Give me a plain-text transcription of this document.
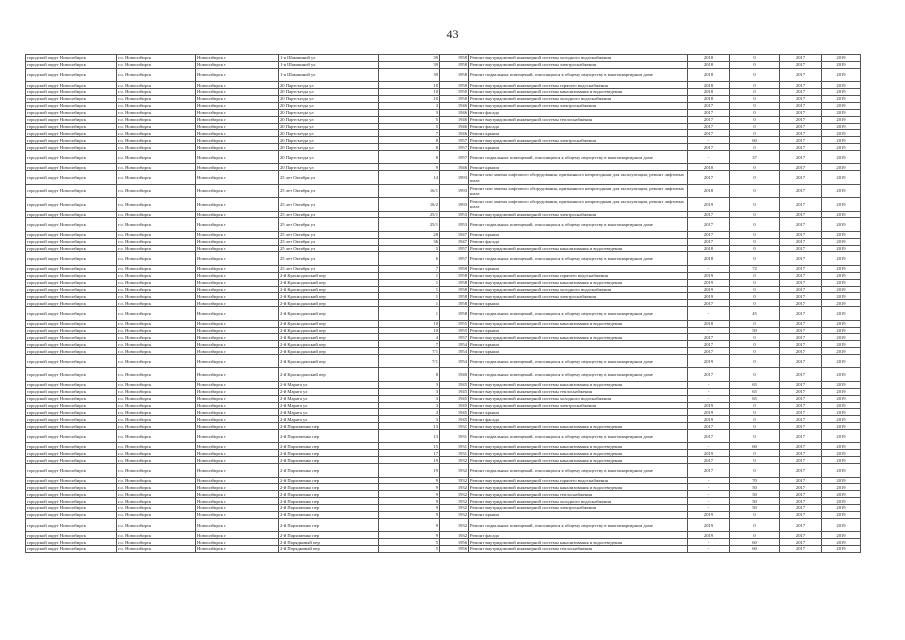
43
городской округ Новосибирск	г.о. Новосибирск	Новосибирск г	1-я Шамшиной ул	39	1958	Ремонт внутридомовой инженерной системы холодного водоснабжения	2018	0	2017	2019
городской округ Новосибирск	г.о. Новосибирск	Новосибирск г	1-я Шамшиной ул	39	1958	Ремонт внутридомовой инженерной системы электроснабжения	2018	0	2017	2019
городской округ Новосибирск	г.о. Новосибирск	Новосибирск г	1-я Шамшиной ул	39	1958	Ремонт подвальных помещений, относящихся к общему имуществу в многоквартирном доме	2018	0	2017	2019
городской округ Новосибирск	г.о. Новосибирск	Новосибирск г	20 Партсъезда ул	10	1950	Ремонт внутридомовой инженерной системы горячего водоснабжения	2018	0	2017	2019
городской округ Новосибирск	г.о. Новосибирск	Новосибирск г	20 Партсъезда ул	10	1950	Ремонт внутридомовой инженерной системы канализования и водоотведения	2018	0	2017	2019
городской округ Новосибирск	г.о. Новосибирск	Новосибирск г	20 Партсъезда ул	10	1950	Ремонт внутридомовой инженерной системы холодного водоснабжения	2018	0	2017	2019
городской округ Новосибирск	г.о. Новосибирск	Новосибирск г	20 Партсъезда ул	3	1946	Ремонт внутридомовой инженерной системы электроснабжения	2017	0	2017	2019
городской округ Новосибирск	г.о. Новосибирск	Новосибирск г	20 Партсъезда ул	3	1946	Ремонт фасада	2017	0	2017	2019
городской округ Новосибирск	г.о. Новосибирск	Новосибирск г	20 Партсъезда ул	5	1946	Ремонт внутридомовой инженерной системы теплоснабжения	2017	0	2017	2019
городской округ Новосибирск	г.о. Новосибирск	Новосибирск г	20 Партсъезда ул	5	1946	Ремонт фасада	2017	0	2017	2019
городской округ Новосибирск	г.о. Новосибирск	Новосибирск г	20 Партсъезда ул	7	1946	Ремонт крыши	2017	0	2017	2019
городской округ Новосибирск	г.о. Новосибирск	Новосибирск г	20 Партсъезда ул	8	1957	Ремонт внутридомовой инженерной системы электроснабжения	-	60	2017	2019
городской округ Новосибирск	г.о. Новосибирск	Новосибирск г	20 Партсъезда ул	8	1957	Ремонт крыши	2017	0	2017	2019
городской округ Новосибирск	г.о. Новосибирск	Новосибирск г	20 Партсъезда ул	8	1957	Ремонт подвальных помещений, относящихся к общему имуществу в многоквартирном доме	-	37	2017	2019
городской округ Новосибирск	г.о. Новосибирск	Новосибирск г	20 Партсъезда ул	9	1946	Ремонт крыши	2018	0	2017	2019
городской округ Новосибирск	г.о. Новосибирск	Новосибирск г	25 лет Октября ул	14	1993	Ремонт или замена лифтового оборудования, признанного непригодным для эксплуатации, ремонт лифтовых шахт	2017	0	2017	2019
городской округ Новосибирск	г.о. Новосибирск	Новосибирск г	25 лет Октября ул	16/1	1993	Ремонт или замена лифтового оборудования, признанного непригодным для эксплуатации, ремонт лифтовых шахт	2018	0	2017	2019
городской округ Новосибирск	г.о. Новосибирск	Новосибирск г	25 лет Октября ул	16/2	1993	Ремонт или замена лифтового оборудования, признанного непригодным для эксплуатации, ремонт лифтовых шахт	2019	0	2017	2019
городской округ Новосибирск	г.о. Новосибирск	Новосибирск г	25 лет Октября ул	25/1	1953	Ремонт внутридомовой инженерной системы электроснабжения	2017	0	2017	2019
городской округ Новосибирск	г.о. Новосибирск	Новосибирск г	25 лет Октября ул	25/1	1953	Ремонт подвальных помещений, относящихся к общему имуществу в многоквартирном доме	2017	0	2017	2019
городской округ Новосибирск	г.о. Новосибирск	Новосибирск г	25 лет Октября ул	28	1947	Ремонт крыши	2017	0	2017	2019
городской округ Новосибирск	г.о. Новосибирск	Новосибирск г	25 лет Октября ул	36	1947	Ремонт фасада	2017	0	2017	2019
городской округ Новосибирск	г.о. Новосибирск	Новосибирск г	25 лет Октября ул	5	1957	Ремонт внутридомовой инженерной системы канализования и водоотведения	2018	0	2017	2019
городской округ Новосибирск	г.о. Новосибирск	Новосибирск г	25 лет Октября ул	6	1957	Ремонт подвальных помещений, относящихся к общему имуществу в многоквартирном доме	2018	0	2017	2019
городской округ Новосибирск	г.о. Новосибирск	Новосибирск г	25 лет Октября ул	7	1959	Ремонт крыши	-	72	2017	2019
городской округ Новосибирск	г.о. Новосибирск	Новосибирск г	2-й Краснодонский пер	1	1958	Ремонт внутридомовой инженерной системы горячего водоснабжения	2019	0	2017	2019
городской округ Новосибирск	г.о. Новосибирск	Новосибирск г	2-й Краснодонский пер	1	1958	Ремонт внутридомовой инженерной системы канализования и водоотведения	2019	0	2017	2019
городской округ Новосибирск	г.о. Новосибирск	Новосибирск г	2-й Краснодонский пер	1	1958	Ремонт внутридомовой инженерной системы холодного водоснабжения	2019	0	2017	2019
городской округ Новосибирск	г.о. Новосибирск	Новосибирск г	2-й Краснодонский пер	1	1958	Ремонт внутридомовой инженерной системы электроснабжения	2019	0	2017	2019
городской округ Новосибирск	г.о. Новосибирск	Новосибирск г	2-й Краснодонский пер	1	1958	Ремонт крыши	2017	0	2017	2019
городской округ Новосибирск	г.о. Новосибирск	Новосибирск г	2-й Краснодонский пер	1	1958	Ремонт подвальных помещений, относящихся к общему имуществу в многоквартирном доме	-	45	2017	2019
городской округ Новосибирск	г.о. Новосибирск	Новосибирск г	2-й Краснодонский пер	10	1955	Ремонт внутридомовой инженерной системы канализования и водоотведения	2018	0	2017	2019
городской округ Новосибирск	г.о. Новосибирск	Новосибирск г	2-й Краснодонский пер	10	1955	Ремонт крыши	-	50	2017	2019
городской округ Новосибирск	г.о. Новосибирск	Новосибирск г	2-й Краснодонский пер	4	1957	Ремонт внутридомовой инженерной системы канализования и водоотведения	2017	0	2017	2019
городской округ Новосибирск	г.о. Новосибирск	Новосибирск г	2-й Краснодонский пер	7	1954	Ремонт крыши	2017	0	2017	2019
городской округ Новосибирск	г.о. Новосибирск	Новосибирск г	2-й Краснодонский пер	7/1	1954	Ремонт крыши	2017	0	2017	2019
городской округ Новосибирск	г.о. Новосибирск	Новосибирск г	2-й Краснодонский пер	7/1	1954	Ремонт подвальных помещений, относящихся к общему имуществу в многоквартирном доме	2019	0	2017	2019
городской округ Новосибирск	г.о. Новосибирск	Новосибирск г	2-й Краснодонский пер	8	1940	Ремонт подвальных помещений, относящихся к общему имуществу в многоквартирном доме	2017	0	2017	2019
городской округ Новосибирск	г.о. Новосибирск	Новосибирск г	2-й Марата ул	3	1945	Ремонт внутридомовой инженерной системы канализования и водоотведения	-	65	2017	2019
городской округ Новосибирск	г.о. Новосибирск	Новосибирск г	2-й Марата ул	3	1945	Ремонт внутридомовой инженерной системы теплоснабжения	-	65	2017	2019
городской округ Новосибирск	г.о. Новосибирск	Новосибирск г	2-й Марата ул	3	1945	Ремонт внутридомовой инженерной системы холодного водоснабжения	-	65	2017	2019
городской округ Новосибирск	г.о. Новосибирск	Новосибирск г	2-й Марата ул	3	1945	Ремонт внутридомовой инженерной системы электроснабжения	2019	0	2017	2019
городской округ Новосибирск	г.о. Новосибирск	Новосибирск г	2-й Марата ул	3	1945	Ремонт крыши	2019	0	2017	2019
городской округ Новосибирск	г.о. Новосибирск	Новосибирск г	2-й Марата ул	3	1945	Ремонт фасада	2019	0	2017	2019
городской округ Новосибирск	г.о. Новосибирск	Новосибирск г	2-й Пархоменко пер	13	1931	Ремонт внутридомовой инженерной системы канализования и водоотведения	2017	0	2017	2019
городской округ Новосибирск	г.о. Новосибирск	Новосибирск г	2-й Пархоменко пер	13	1931	Ремонт подвальных помещений, относящихся к общему имуществу в многоквартирном доме	2017	0	2017	2019
городской округ Новосибирск	г.о. Новосибирск	Новосибирск г	2-й Пархоменко пер	15	1931	Ремонт внутридомовой инженерной системы канализования и водоотведения	-	60	2017	2019
городской округ Новосибирск	г.о. Новосибирск	Новосибирск г	2-й Пархоменко пер	17	1931	Ремонт внутридомовой инженерной системы канализования и водоотведения	2019	0	2017	2019
городской округ Новосибирск	г.о. Новосибирск	Новосибирск г	2-й Пархоменко пер	19	1932	Ремонт внутридомовой инженерной системы канализования и водоотведения	2017	0	2017	2019
городской округ Новосибирск	г.о. Новосибирск	Новосибирск г	2-й Пархоменко пер	19	1932	Ремонт подвальных помещений, относящихся к общему имуществу в многоквартирном доме	2017	0	2017	2019
городской округ Новосибирск	г.о. Новосибирск	Новосибирск г	2-й Пархоменко пер	9	1932	Ремонт внутридомовой инженерной системы горячего водоснабжения	-	70	2017	2019
городской округ Новосибирск	г.о. Новосибирск	Новосибирск г	2-й Пархоменко пер	9	1932	Ремонт внутридомовой инженерной системы канализования и водоотведения	-	50	2017	2019
городской округ Новосибирск	г.о. Новосибирск	Новосибирск г	2-й Пархоменко пер	9	1932	Ремонт внутридомовой инженерной системы теплоснабжения	-	50	2017	2019
городской округ Новосибирск	г.о. Новосибирск	Новосибирск г	2-й Пархоменко пер	9	1932	Ремонт внутридомовой инженерной системы холодного водоснабжения	-	50	2017	2019
городской округ Новосибирск	г.о. Новосибирск	Новосибирск г	2-й Пархоменко пер	9	1932	Ремонт внутридомовой инженерной системы электроснабжения	-	50	2017	2019
городской округ Новосибирск	г.о. Новосибирск	Новосибирск г	2-й Пархоменко пер	9	1932	Ремонт крыши	2019	0	2017	2019
городской округ Новосибирск	г.о. Новосибирск	Новосибирск г	2-й Пархоменко пер	9	1932	Ремонт подвальных помещений, относящихся к общему имуществу в многоквартирном доме	2019	0	2017	2019
городской округ Новосибирск	г.о. Новосибирск	Новосибирск г	2-й Пархоменко пер	9	1932	Ремонт фасада	2019	0	2017	2019
городской округ Новосибирск	г.о. Новосибирск	Новосибирск г	2-й Порядковый пер	5	1956	Ремонт внутридомовой инженерной системы канализования и водоотведения	-	60	2017	2019
городской округ Новосибирск	г.о. Новосибирск	Новосибирск г	2-й Порядковый пер	5	1956	Ремонт внутридомовой инженерной системы теплоснабжения	-	60	2017	2019
